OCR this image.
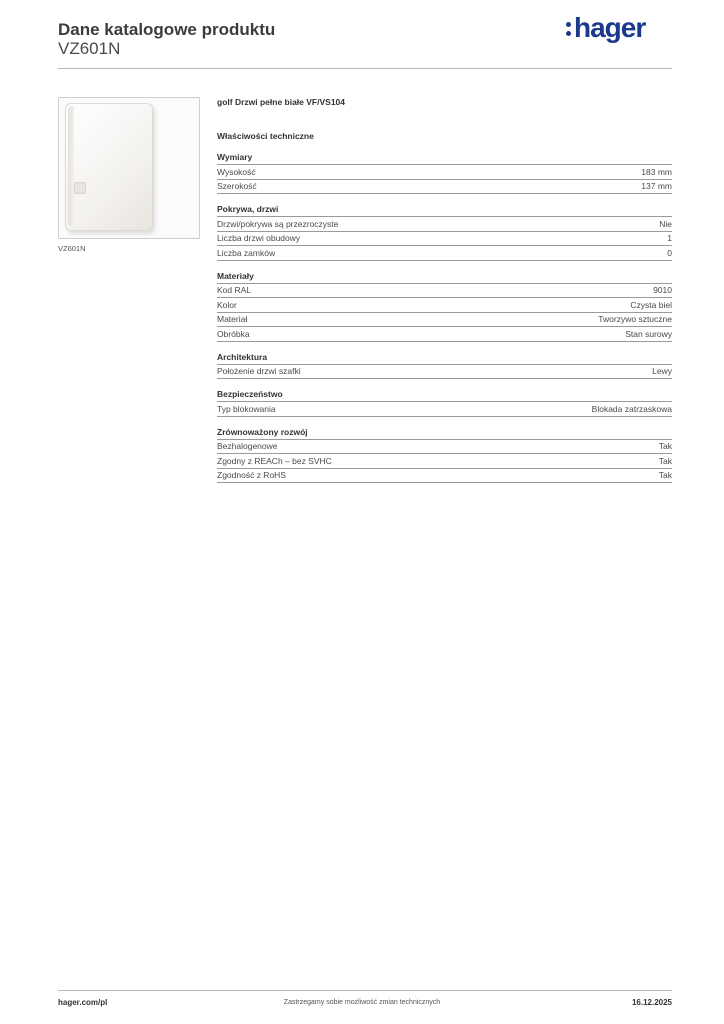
Dane katalogowe produktu
VZ601N
hager
VZ601N
golf Drzwi pełne białe VF/VS104
Właściwości techniczne
Wymiary
Wysokość	183 mm
Szerokość	137 mm
Pokrywa, drzwi
Drzwi/pokrywa są przezroczyste	Nie
Liczba drzwi obudowy	1
Liczba zamków	0
Materiały
Kod RAL	9010
Kolor	Czysta biel
Materiał	Tworzywo sztuczne
Obróbka	Stan surowy
Architektura
Położenie drzwi szafki	Lewy
Bezpieczeństwo
Typ blokowania	Blokada zatrzaskowa
Zrównoważony rozwój
Bezhalogenowe	Tak
Zgodny z REACh – bez SVHC	Tak
Zgodność z RoHS	Tak
hager.com/pl	Zastrzegamy sobie możliwość zmian technicznych	16.12.2025
